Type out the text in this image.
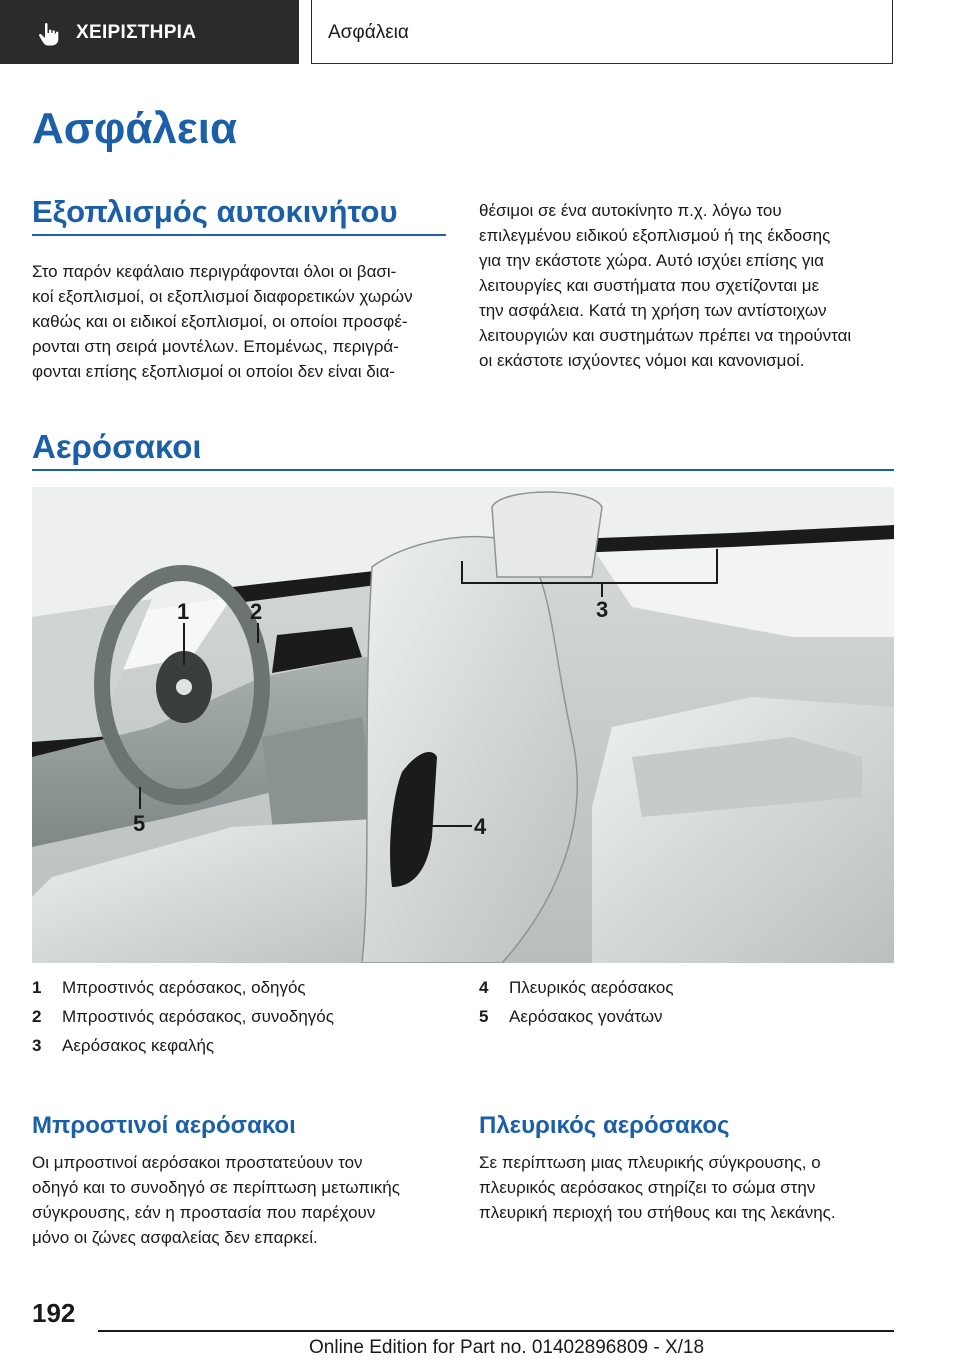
ΧΕΙΡΙΣΤΗΡΙΑ	Ασφάλεια
Ασφάλεια
Εξοπλισμός αυτοκινήτου

Στο παρόν κεφάλαιο περιγράφονται όλοι οι βασι-

κοί εξοπλισμοί, οι εξοπλισμοί διαφορετικών χωρών

καθώς και οι ειδικοί εξοπλισμοί, οι οποίοι προσφέ-

ρονται στη σειρά μοντέλων. Επομένως, περιγρά-

φονται επίσης εξοπλισμοί οι οποίοι δεν είναι δια-

θέσιμοι σε ένα αυτοκίνητο π.χ. λόγω του

επιλεγμένου ειδικού εξοπλισμού ή της έκδοσης

για την εκάστοτε χώρα. Αυτό ισχύει επίσης για

λειτουργίες και συστήματα που σχετίζονται με

την ασφάλεια. Κατά τη χρήση των αντίστοιχων

λειτουργιών και συστημάτων πρέπει να τηρούνται

οι εκάστοτε ισχύοντες νόμοι και κανονισμοί.

Αερόσακοι
1	2	3
4
5
1 Μπροστινός αερόσακος, οδηγός
2 Μπροστινός αερόσακος, συνοδηγός
3 Αερόσακος κεφαλής
4 Πλευρικός αερόσακος
5 Αερόσακος γονάτων
Μπροστινοί αερόσακοι

Οι μπροστινοί αερόσακοι προστατεύουν τον

οδηγό και το συνοδηγό σε περίπτωση μετωπικής

σύγκρουσης, εάν η προστασία που παρέχουν

μόνο οι ζώνες ασφαλείας δεν επαρκεί.

Πλευρικός αερόσακος

Σε περίπτωση μιας πλευρικής σύγκρουσης, ο

πλευρικός αερόσακος στηρίζει το σώμα στην

πλευρική περιοχή του στήθους και της λεκάνης.

192
Online Edition for Part no. 01402896809 - X/18
